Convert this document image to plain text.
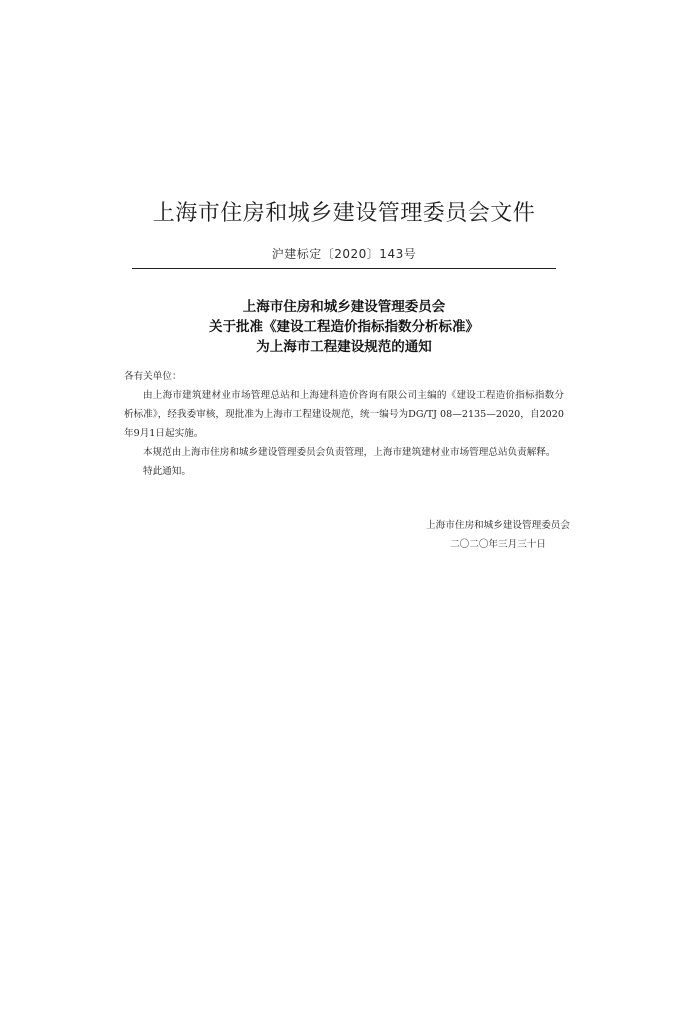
上海市住房和城乡建设管理委员会文件
沪建标定〔2020〕143号
上海市住房和城乡建设管理委员会
关于批准《建设工程造价指标指数分析标准》
为上海市工程建设规范的通知

各有关单位：

由上海市建筑建材业市场管理总站和上海建科造价咨询有限公司主编的《建设工程造价指标指数分析标准》，经我委审核，现批准为上海市工程建设规范，统一编号为DG/TJ 08—2135—2020，自2020年9月1日起实施。

本规范由上海市住房和城乡建设管理委员会负责管理，上海市建筑建材业市场管理总站负责解释。

特此通知。

上海市住房和城乡建设管理委员会
二〇二〇年三月三十日
